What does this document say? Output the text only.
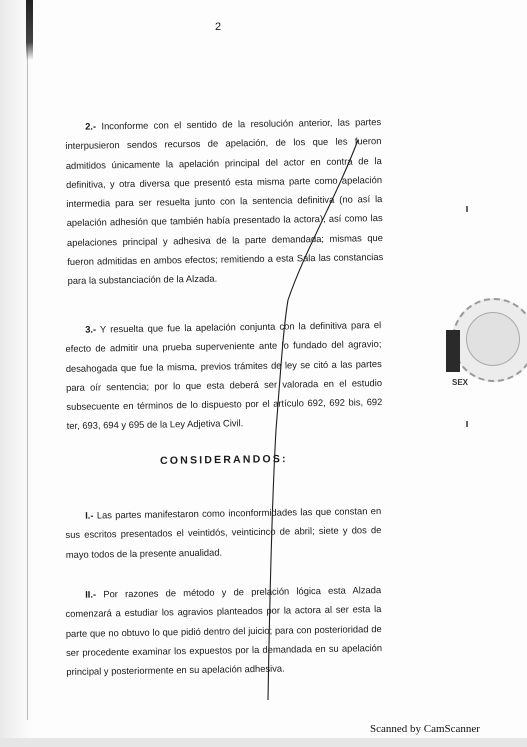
2

2.- Inconforme con el sentido de la resolución anterior, las partes interpusieron sendos recursos de apelación, de los que les fueron admitidos únicamente la apelación principal del actor en contra de la definitiva, y otra diversa que presentó esta misma parte como apelación intermedia para ser resuelta junto con la sentencia definitiva (no así la apelación adhesión que también había presentado la actora), así como las apelaciones principal y adhesiva de la parte demandada; mismas que fueron admitidas en ambos efectos; remitiendo a esta Sala las constancias para la substanciación de la Alzada.

3.- Y resuelta que fue la apelación conjunta con la definitiva para el efecto de admitir una prueba superveniente ante lo fundado del agravio; desahogada que fue la misma, previos trámites de ley se citó a las partes para oír sentencia; por lo que esta deberá ser valorada en el estudio subsecuente en términos de lo dispuesto por el artículo 692, 692 bis, 692 ter, 693, 694 y 695 de la Ley Adjetiva Civil.

CONSIDERANDOS:

I.- Las partes manifestaron como inconformidades las que constan en sus escritos presentados el veintidós, veinticinco de abril; siete y dos de mayo todos de la presente anualidad.

II.- Por razones de método y de prelación lógica esta Alzada comenzará a estudiar los agravios planteados por la actora al ser esta la parte que no obtuvo lo que pidió dentro del juicio; para con posterioridad de ser procedente examinar los expuestos por la demandada en su apelación principal y posteriormente en su apelación adhesiva.

SEX
Scanned by CamScanner
